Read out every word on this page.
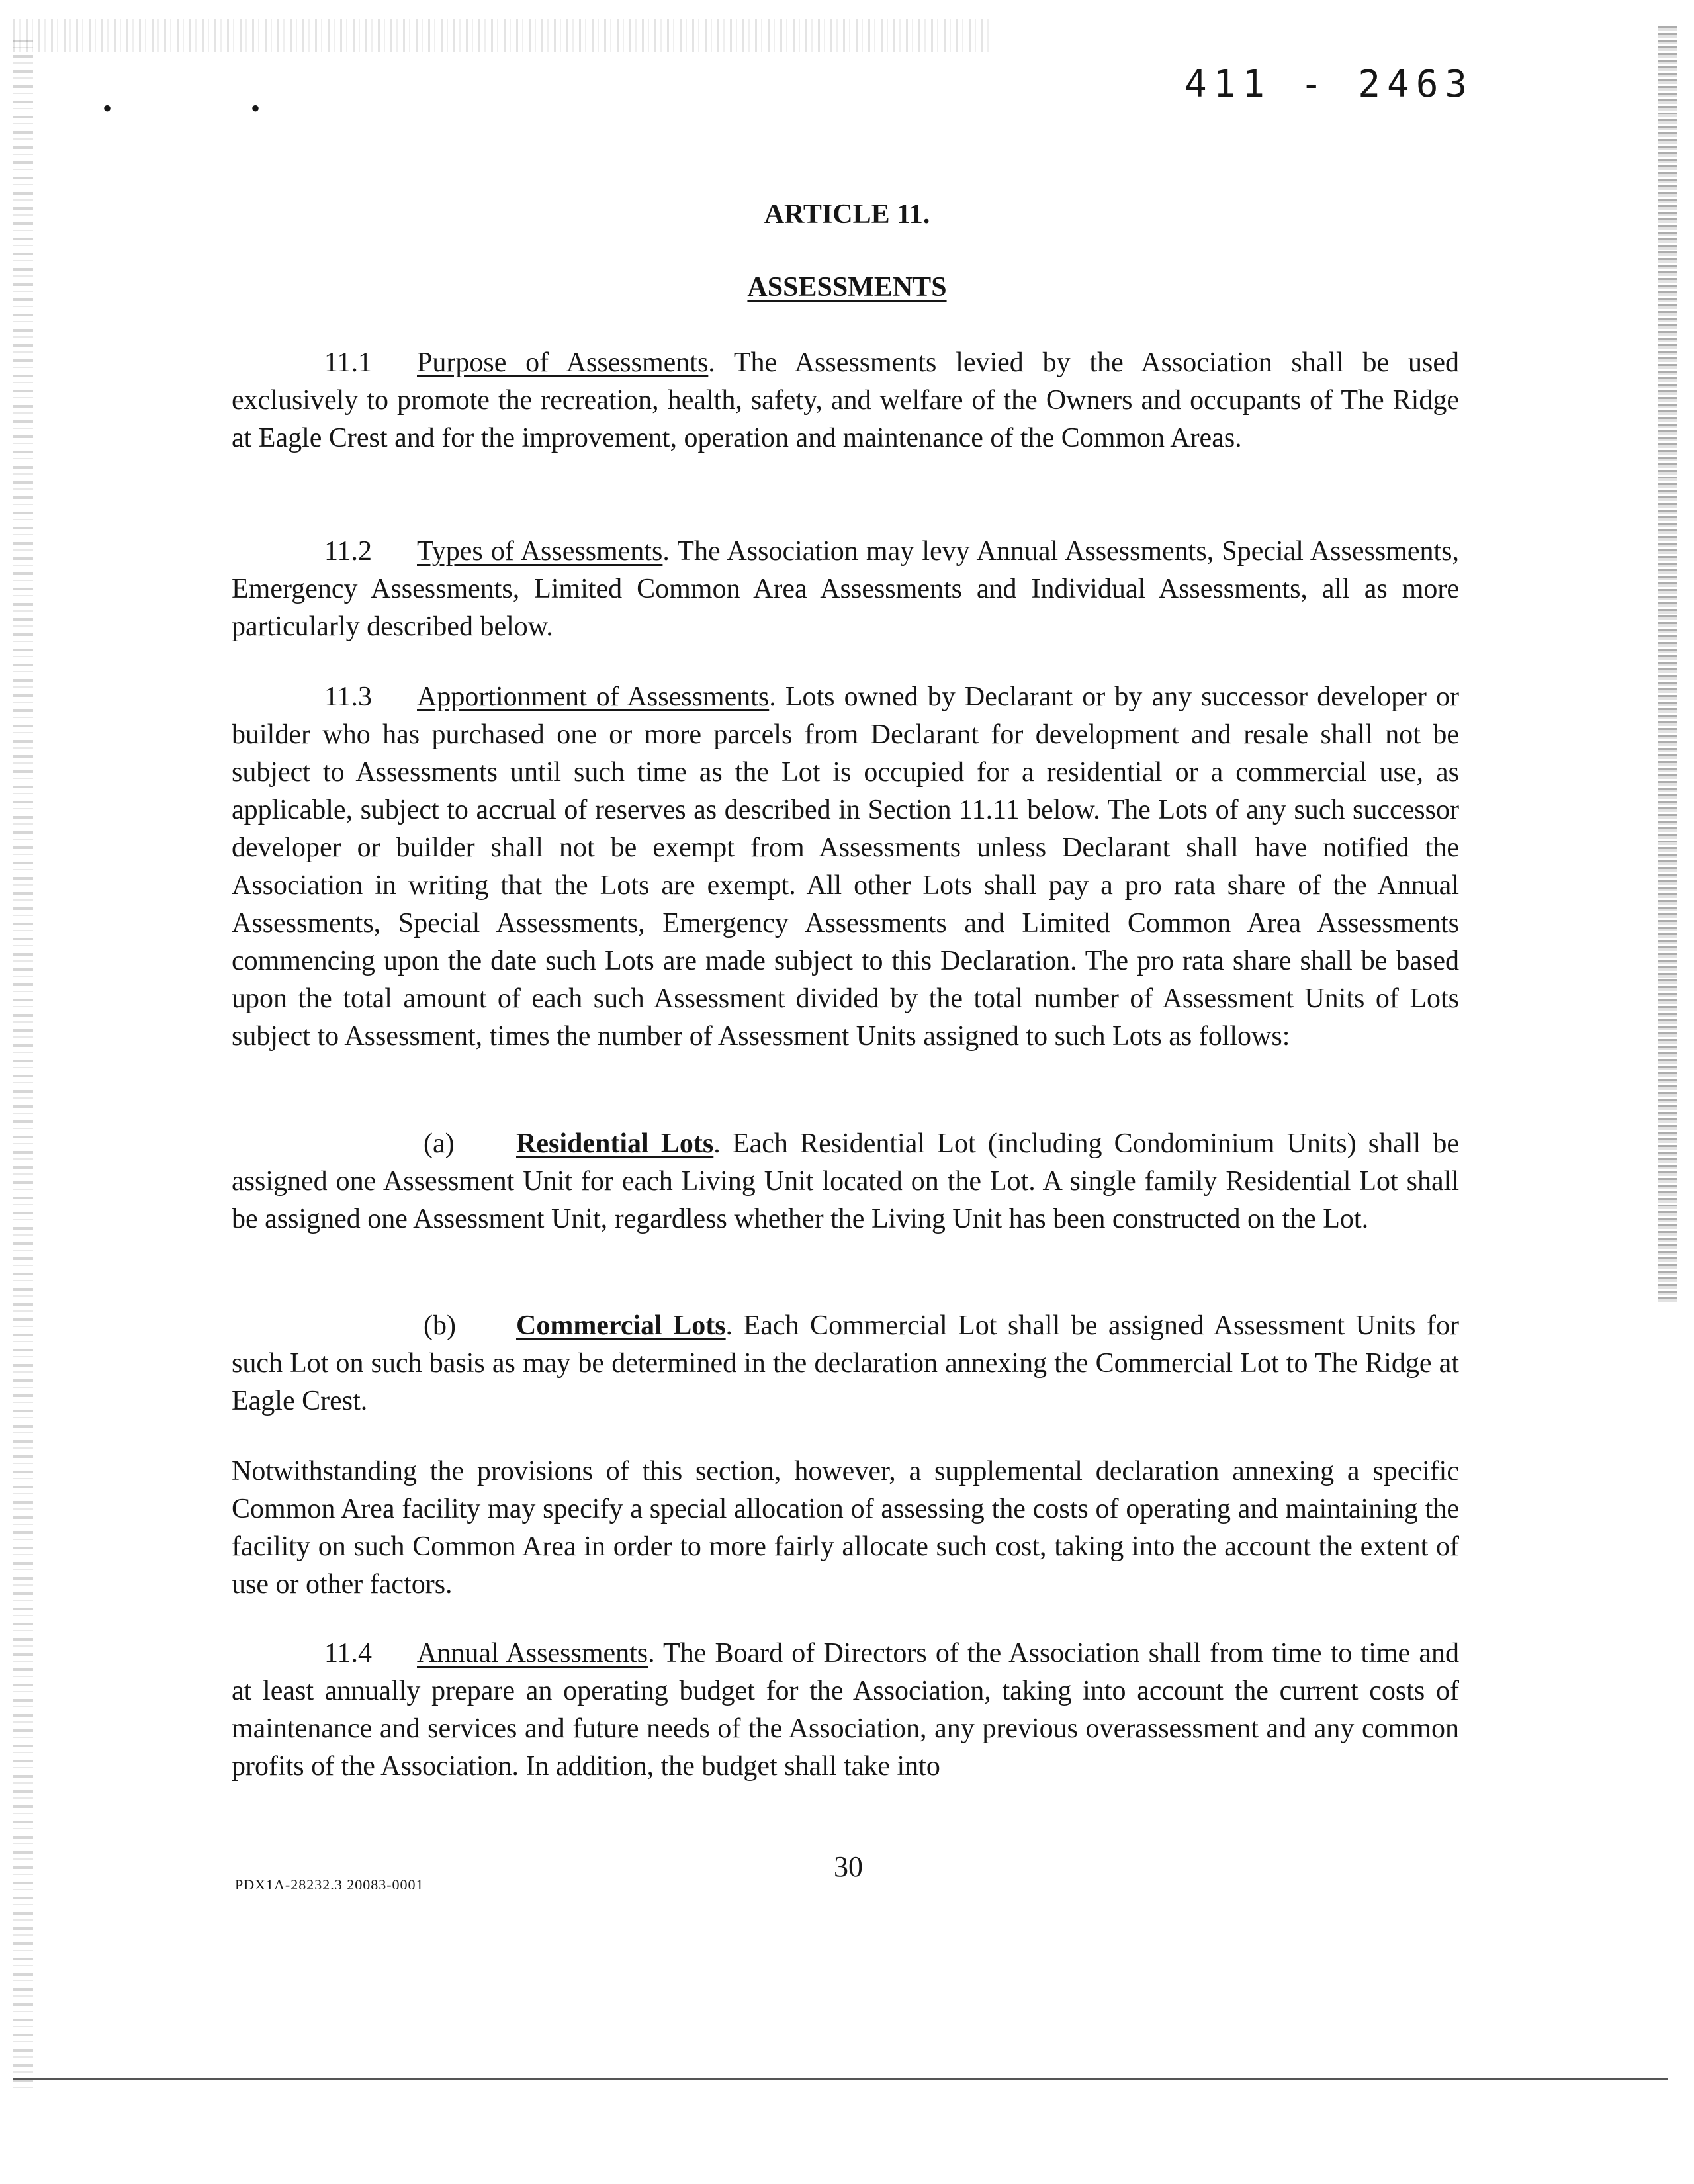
• •
411 - 2463
ARTICLE 11.
ASSESSMENTS

11.1 Purpose of Assessments. The Assessments levied by the Association shall be used exclusively to promote the recreation, health, safety, and welfare of the Owners and occupants of The Ridge at Eagle Crest and for the improvement, operation and maintenance of the Common Areas.

11.2 Types of Assessments. The Association may levy Annual Assessments, Special Assessments, Emergency Assessments, Limited Common Area Assessments and Individual Assessments, all as more particularly described below.

11.3 Apportionment of Assessments. Lots owned by Declarant or by any successor developer or builder who has purchased one or more parcels from Declarant for development and resale shall not be subject to Assessments until such time as the Lot is occupied for a residential or a commercial use, as applicable, subject to accrual of reserves as described in Section 11.11 below. The Lots of any such successor developer or builder shall not be exempt from Assessments unless Declarant shall have notified the Association in writing that the Lots are exempt. All other Lots shall pay a pro rata share of the Annual Assessments, Special Assessments, Emergency Assessments and Limited Common Area Assessments commencing upon the date such Lots are made subject to this Declaration. The pro rata share shall be based upon the total amount of each such Assessment divided by the total number of Assessment Units of Lots subject to Assessment, times the number of Assessment Units assigned to such Lots as follows:

(a) Residential Lots. Each Residential Lot (including Condominium Units) shall be assigned one Assessment Unit for each Living Unit located on the Lot. A single family Residential Lot shall be assigned one Assessment Unit, regardless whether the Living Unit has been constructed on the Lot.

(b) Commercial Lots. Each Commercial Lot shall be assigned Assessment Units for such Lot on such basis as may be determined in the declaration annexing the Commercial Lot to The Ridge at Eagle Crest.

Notwithstanding the provisions of this section, however, a supplemental declaration annexing a specific Common Area facility may specify a special allocation of assessing the costs of operating and maintaining the facility on such Common Area in order to more fairly allocate such cost, taking into the account the extent of use or other factors.

11.4 Annual Assessments. The Board of Directors of the Association shall from time to time and at least annually prepare an operating budget for the Association, taking into account the current costs of maintenance and services and future needs of the Association, any previous overassessment and any common profits of the Association. In addition, the budget shall take into

PDX1A-28232.3 20083-0001
30
